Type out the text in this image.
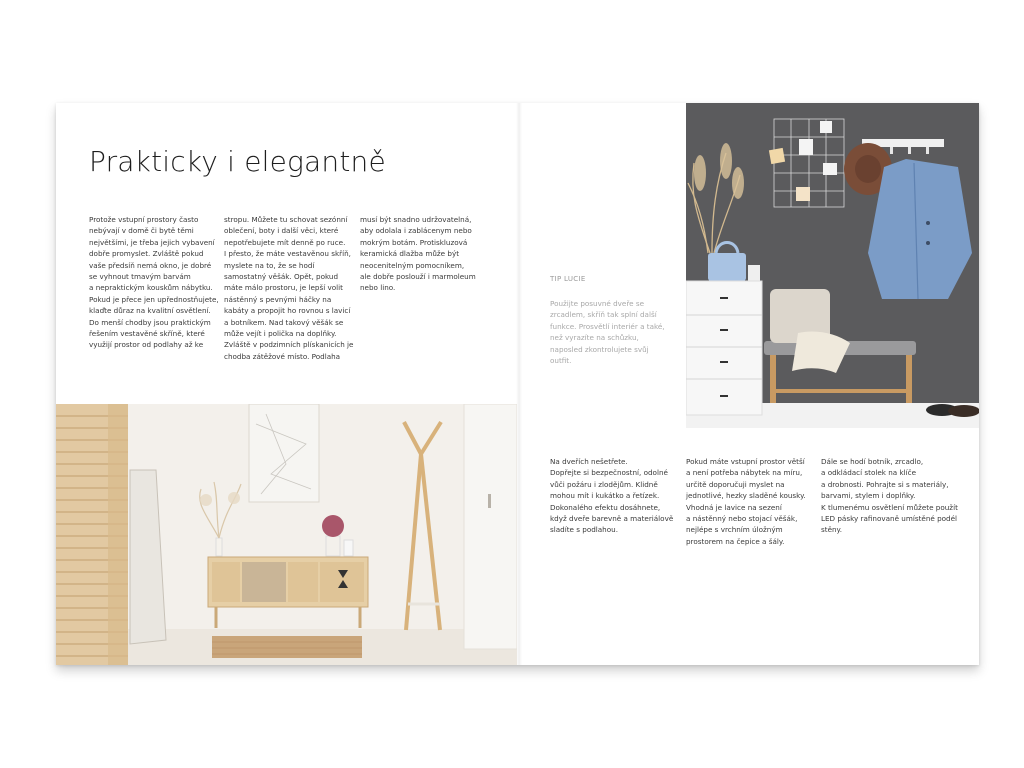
Prakticky i elegantně

Protože vstupní prostory často
nebývají v domě či bytě těmi
největšími, je třeba jejich vybavení
dobře promyslet. Zvláště pokud
vaše předsíň nemá okno, je dobré
se vyhnout tmavým barvám
a nepraktickým kouskům nábytku.
Pokud je přece jen upřednostňujete,
klaďte důraz na kvalitní osvětlení.
Do menší chodby jsou praktickým
řešením vestavěné skříně, které
využijí prostor od podlahy až ke

stropu. Můžete tu schovat sezónní
oblečení, boty i další věci, které
nepotřebujete mít denně po ruce.
I přesto, že máte vestavěnou skříň,
myslete na to, že se hodí
samostatný věšák. Opět, pokud
máte málo prostoru, je lepší volit
nástěnný s pevnými háčky na
kabáty a propojit ho rovnou s lavicí
a botníkem. Nad takový věšák se
může vejít i polička na doplňky.
Zvláště v podzimních plískanicích je
chodba zátěžové místo. Podlaha

musí být snadno udržovatelná,
aby odolala i zablácenym nebo
mokrým botám. Protiskluzová
keramická dlažba může být
neocenitelným pomocníkem,
ale dobře poslouží i marmoleum
nebo lino.

TIP LUCIE
Použijte posuvné dveře se
zrcadlem, skříň tak splní další
funkce. Prosvětlí interiér a také,
než vyrazíte na schůzku,
naposled zkontrolujete svůj
outfit.

Na dveřích nešetřete.
Dopřejte si bezpečnostní, odolné
vůči požáru i zlodějům. Klidně
mohou mít i kukátko a řetízek.
Dokonalého efektu dosáhnete,
když dveře barevně a materiálově
sladíte s podlahou.

Pokud máte vstupní prostor větší
a není potřeba nábytek na míru,
určitě doporučuji myslet na
jednotlivé, hezky sladěné kousky.
Vhodná je lavice na sezení
a nástěnný nebo stojací věšák,
nejlépe s vrchním úložným
prostorem na čepice a šály.

Dále se hodí botník, zrcadlo,
a odkládací stolek na klíče
a drobnosti. Pohrajte si s materiály,
barvami, stylem i doplňky.
K tlumenému osvětlení můžete použít
LED pásky rafinovaně umístěné podél
stěny.
